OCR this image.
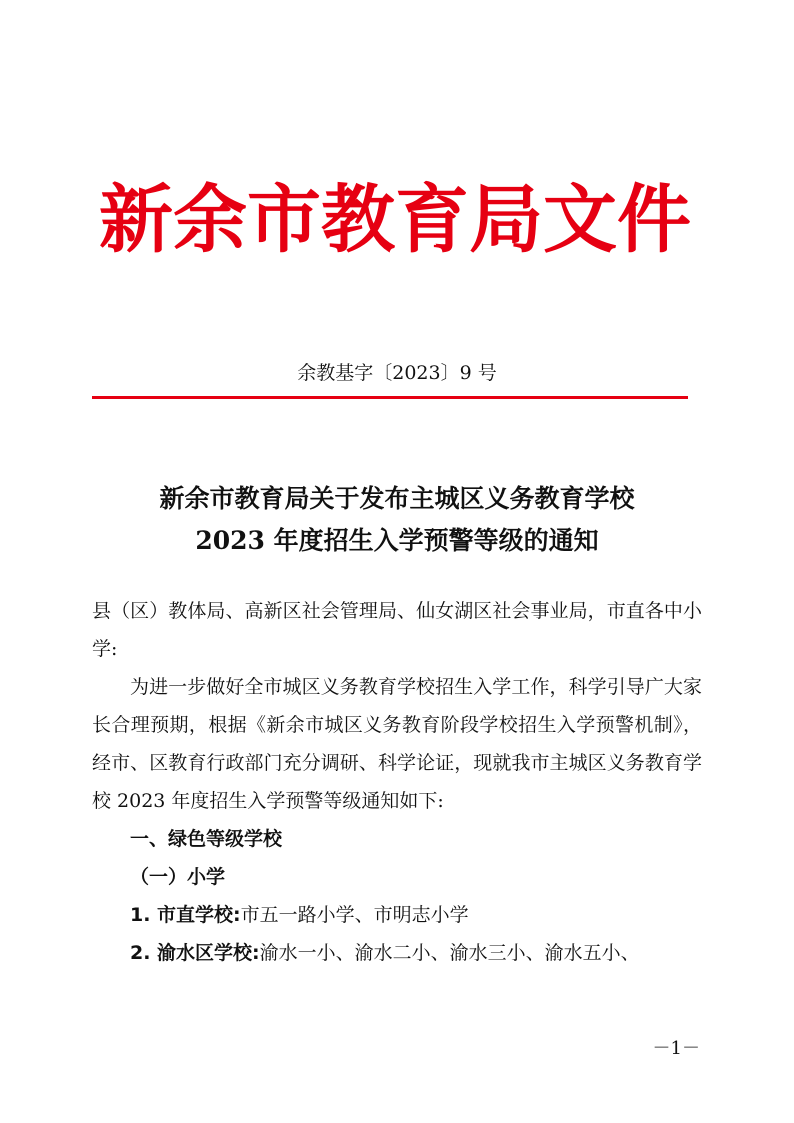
新余市教育局文件
余教基字〔2023〕9 号
新余市教育局关于发布主城区义务教育学校
2023 年度招生入学预警等级的通知

县（区）教体局、高新区社会管理局、仙女湖区社会事业局，市直各中小学:

为进一步做好全市城区义务教育学校招生入学工作，科学引导广大家长合理预期，根据《新余市城区义务教育阶段学校招生入学预警机制》，经市、区教育行政部门充分调研、科学论证，现就我市主城区义务教育学校 2023 年度招生入学预警等级通知如下:

一、绿色等级学校

（一）小学

1. 市直学校:市五一路小学、市明志小学

2. 渝水区学校:渝水一小、渝水二小、渝水三小、渝水五小、

－1－
